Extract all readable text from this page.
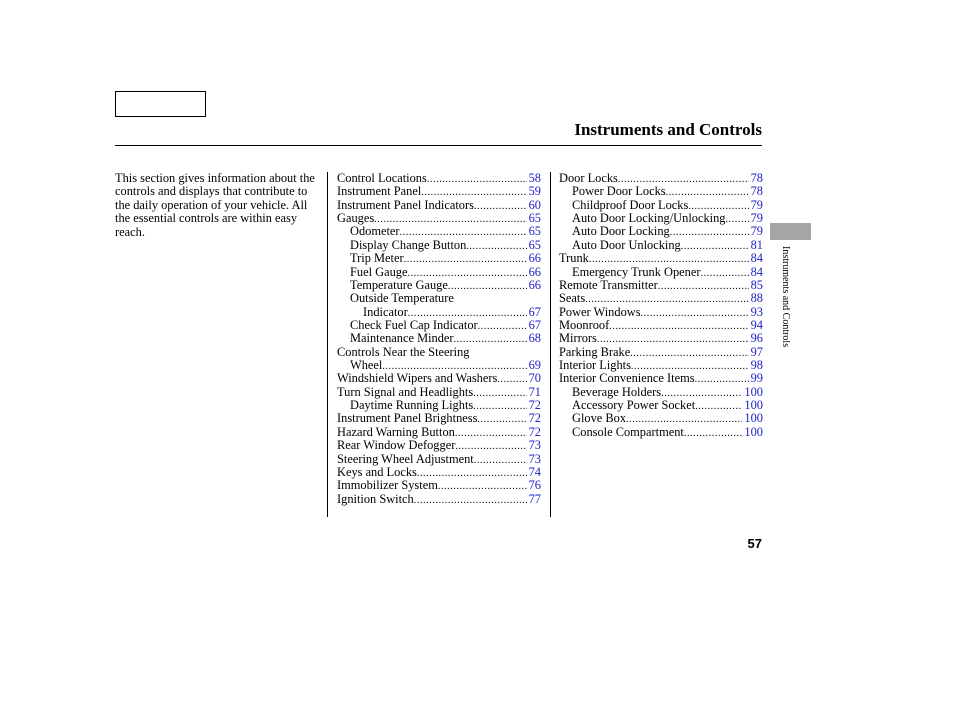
Instruments and Controls
This section gives information about the controls and displays that contribute to the daily operation of your vehicle. All the essential controls are within easy reach.
Control Locations .....	58
Instrument Panel .....	59
Instrument Panel Indicators .....	60
Gauges .....	65
Odometer .....	65
Display Change Button .....	65
Trip Meter .....	66
Fuel Gauge .....	66
Temperature Gauge .....	66
Outside Temperature
Indicator .....	67
Check Fuel Cap Indicator .....	67
Maintenance Minder .....	68
Controls Near the Steering
Wheel .....	69
Windshield Wipers and Washers .....	70
Turn Signal and Headlights .....	71
Daytime Running Lights .....	72
Instrument Panel Brightness .....	72
Hazard Warning Button .....	72
Rear Window Defogger .....	73
Steering Wheel Adjustment .....	73
Keys and Locks .....	74
Immobilizer System .....	76
Ignition Switch .....	77
Door Locks .....	78
Power Door Locks .....	78
Childproof Door Locks .....	79
Auto Door Locking/Unlocking ..... 79
Auto Door Locking .....	79
Auto Door Unlocking .....	81
Trunk .....	84
Emergency Trunk Opener .....	84
Remote Transmitter .....	85
Seats .....	88
Power Windows .....	93
Moonroof .....	94
Mirrors .....	96
Parking Brake .....	97
Interior Lights .....	98
Interior Convenience Items .....	99
Beverage Holders .....	100
Accessory Power Socket .....	100
Glove Box .....	100
Console Compartment .....	100
Instruments and Controls
57
